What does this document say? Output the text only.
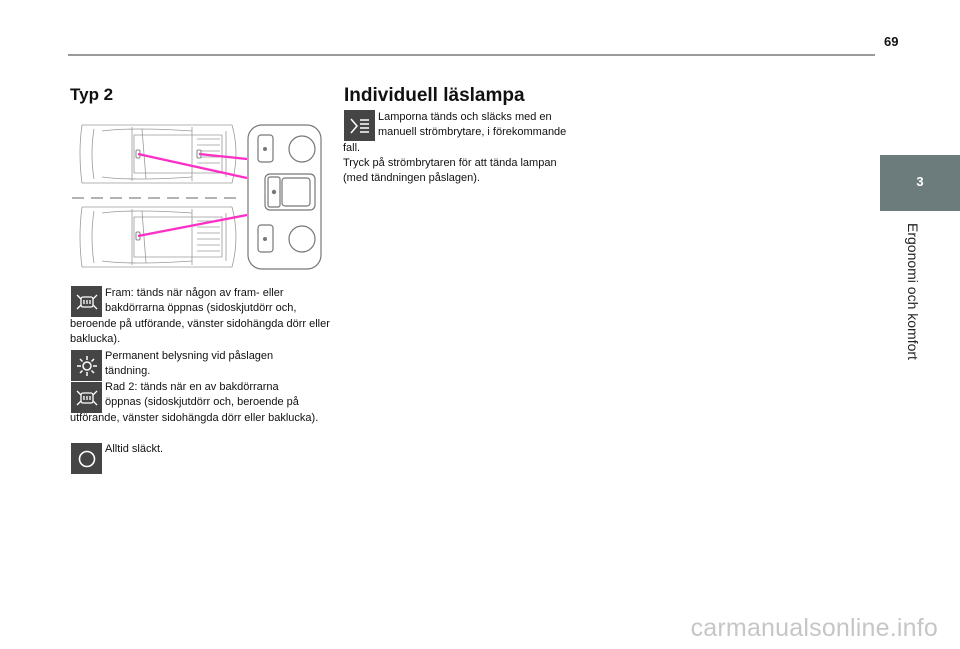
69
3
Ergonomi och komfort
Typ 2
Fram: tänds när någon av fram- eller
bakdörrarna öppnas (sidoskjutdörr och,
beroende på utförande, vänster sidohängda dörr eller baklucka).
Permanent belysning vid påslagen
tändning.
Rad 2: tänds när en av bakdörrarna
öppnas (sidoskjutdörr och, beroende på
utförande, vänster sidohängda dörr eller baklucka).
Alltid släckt.
Individuell läslampa
Lamporna tänds och släcks med en
manuell strömbrytare, i förekommande
fall.
Tryck på strömbrytaren för att tända lampan (med tändningen påslagen).
carmanualsonline.info
